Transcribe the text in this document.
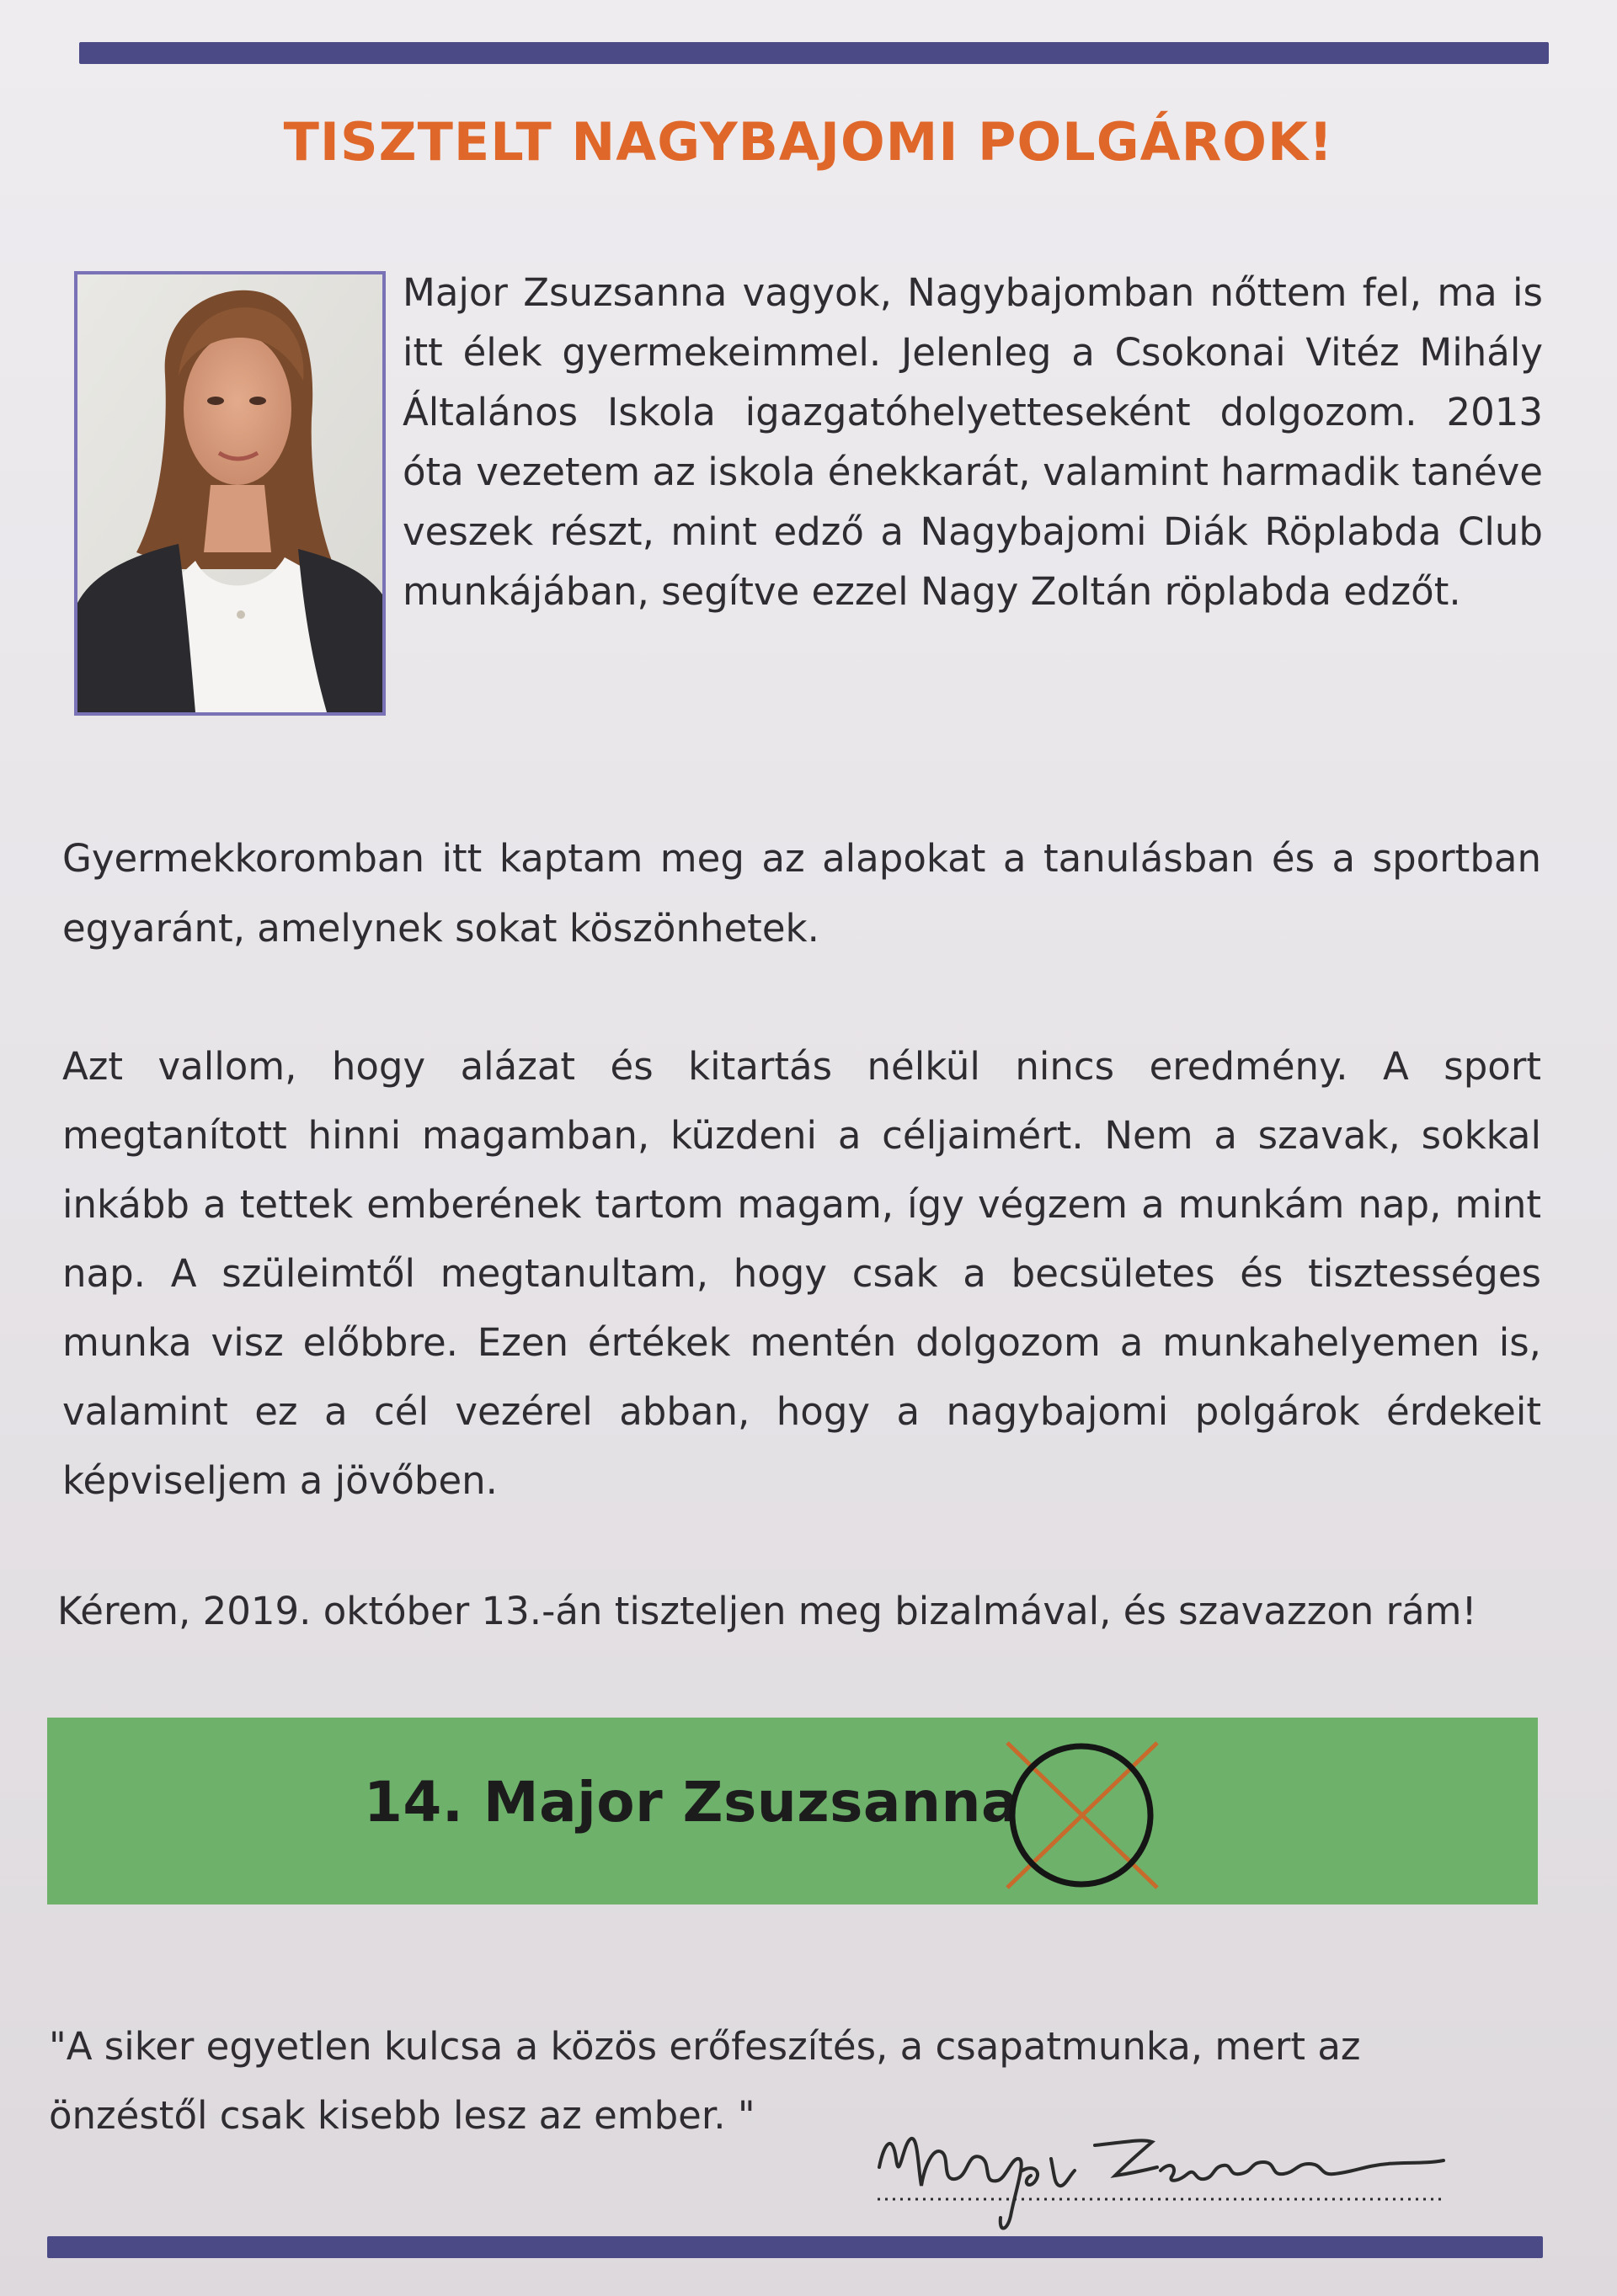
TISZTELT NAGYBAJOMI POLGÁROK!

Major Zsuzsanna vagyok, Nagybajomban nőttem fel, ma is itt élek gyermekeimmel. Jelenleg a Csokonai Vitéz Mihály Általános Iskola igazgatóhelyetteseként dolgozom. 2013 óta vezetem az iskola énekkarát, valamint harmadik tanéve veszek részt, mint edző a Nagybajomi Diák Röplabda Club munkájában, segítve ezzel Nagy Zoltán röplabda edzőt.

Gyermekkoromban itt kaptam meg az alapokat a tanulásban és a sportban egyaránt, amelynek sokat köszönhetek.

Azt vallom, hogy alázat és kitartás nélkül nincs eredmény. A sport megtanított hinni magamban, küzdeni a céljaimért. Nem a szavak, sokkal inkább a tettek emberének tartom magam, így végzem a munkám nap, mint nap. A szüleimtől megtanultam, hogy csak a becsületes és tisztességes munka visz előbbre. Ezen értékek mentén dolgozom a munkahelyemen is, valamint ez a cél vezérel abban, hogy a nagybajomi polgárok érdekeit képviseljem a jövőben.

Kérem, 2019. október 13.-án tiszteljen meg bizalmával, és szavazzon rám!

14. Major Zsuzsanna

"A siker egyetlen kulcsa a közös erőfeszítés, a csapatmunka, mert az önzéstől csak kisebb lesz az ember. "
